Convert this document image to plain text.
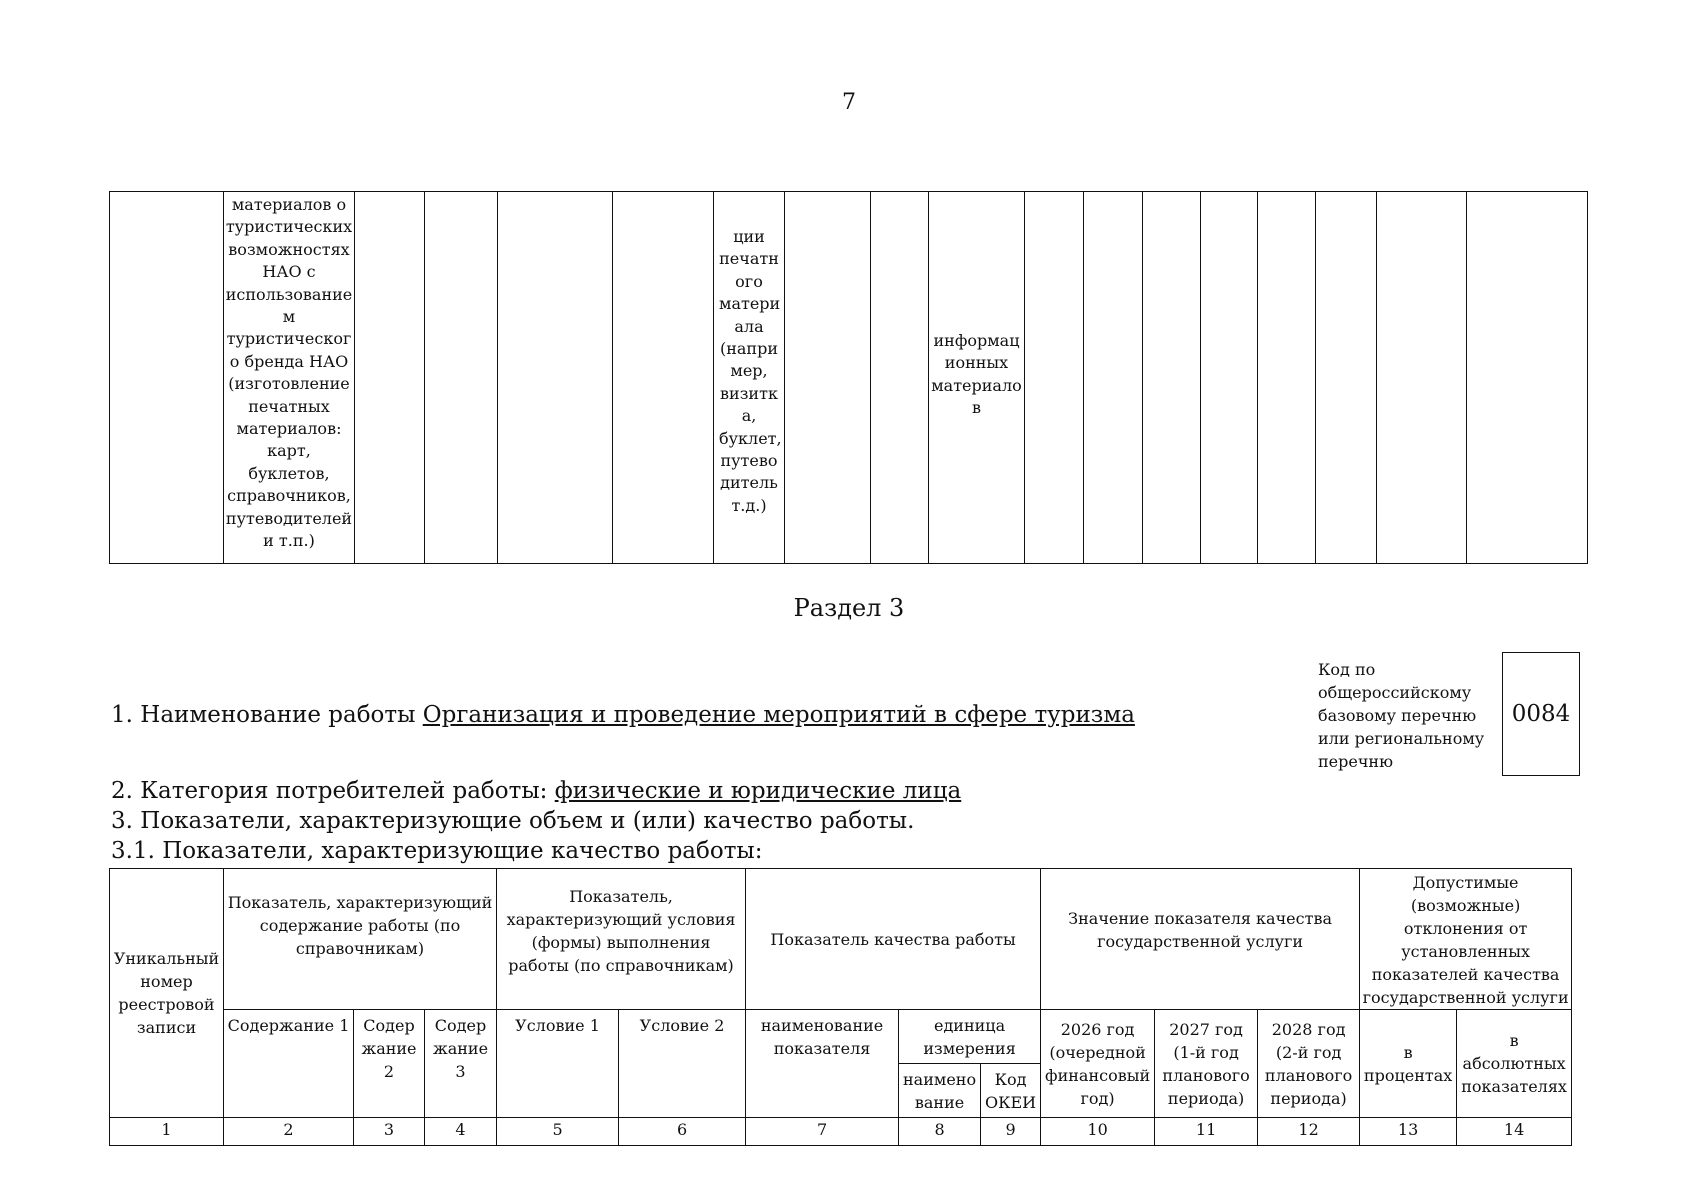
7
	материалов о туристических возможностях НАО с использование м туристическог о бренда НАО (изготовление печатных материалов: карт, буклетов, справочников, путеводителей и т.п.)					ции печатн ого матери ала (напри мер, визитк а, буклет, путево дитель т.д.)			информац ионных материало в								
Раздел 3
1. Наименование работы Организация и проведение мероприятий в сфере туризма
Код по общероссийскому базовому перечню или региональному перечню
0084
2. Категория потребителей работы: физические и юридические лица
3. Показатели, характеризующие объем и (или) качество работы.
3.1. Показатели, характеризующие качество работы:
Уникальный номер реестровой записи	Показатель, характеризующий содержание работы (по справочникам)			Показатель, характеризующий условия (формы) выполнения работы (по справочникам)		Показатель качества работы			Значение показателя качества государственной услуги			Допустимые (возможные) отклонения от установленных показателей качества государственной услуги	
	Содержание 1	Содер жание 2	Содер жание 3	Условие 1	Условие 2	наименование показателя	единица измерения		2026 год (очередной финансовый год)	2027 год (1-й год планового периода)	2028 год (2-й год планового периода)	в процентах	в абсолютных показателях
							наимено вание	Код ОКЕИ					
1	2	3	4	5	6	7	8	9	10	11	12	13	14
